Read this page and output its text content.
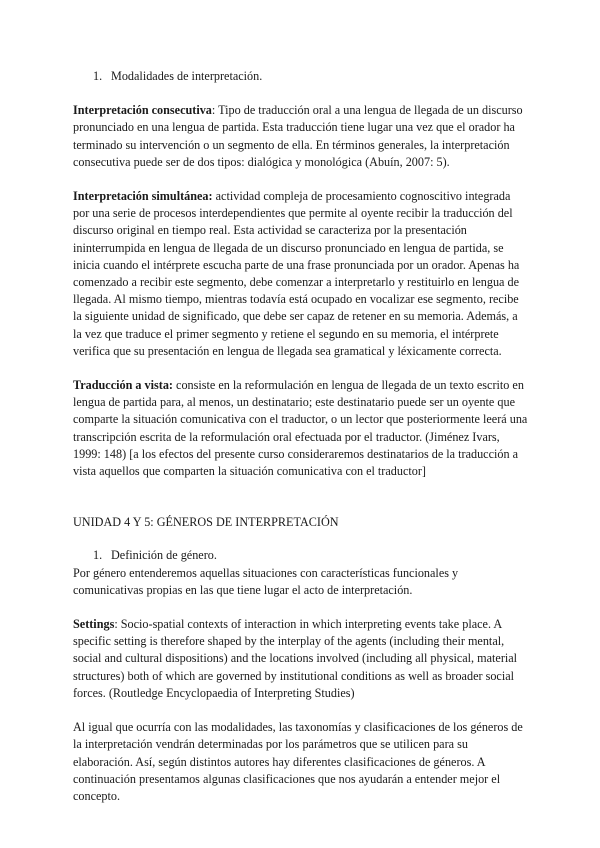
1. Modalidades de interpretación.

Interpretación consecutiva: Tipo de traducción oral a una lengua de llegada de un discurso pronunciado en una lengua de partida. Esta traducción tiene lugar una vez que el orador ha terminado su intervención o un segmento de ella. En términos generales, la interpretación consecutiva puede ser de dos tipos: dialógica y monológica (Abuín, 2007: 5).

Interpretación simultánea: actividad compleja de procesamiento cognoscitivo integrada por una serie de procesos interdependientes que permite al oyente recibir la traducción del discurso original en tiempo real. Esta actividad se caracteriza por la presentación ininterrumpida en lengua de llegada de un discurso pronunciado en lengua de partida, se inicia cuando el intérprete escucha parte de una frase pronunciada por un orador. Apenas ha comenzado a recibir este segmento, debe comenzar a interpretarlo y restituirlo en lengua de llegada. Al mismo tiempo, mientras todavía está ocupado en vocalizar ese segmento, recibe la siguiente unidad de significado, que debe ser capaz de retener en su memoria. Además, a la vez que traduce el primer segmento y retiene el segundo en su memoria, el intérprete verifica que su presentación en lengua de llegada sea gramatical y léxicamente correcta.

Traducción a vista: consiste en la reformulación en lengua de llegada de un texto escrito en lengua de partida para, al menos, un destinatario; este destinatario puede ser un oyente que comparte la situación comunicativa con el traductor, o un lector que posteriormente leerá una transcripción escrita de la reformulación oral efectuada por el traductor. (Jiménez Ivars, 1999: 148) [a los efectos del presente curso consideraremos destinatarios de la traducción a vista aquellos que comparten la situación comunicativa con el traductor]

UNIDAD 4 Y 5: GÉNEROS DE INTERPRETACIÓN
1. Definición de género.

Por género entenderemos aquellas situaciones con características funcionales y comunicativas propias en las que tiene lugar el acto de interpretación.

Settings: Socio-spatial contexts of interaction in which interpreting events take place. A specific setting is therefore shaped by the interplay of the agents (including their mental, social and cultural dispositions) and the locations involved (including all physical, material structures) both of which are governed by institutional conditions as well as broader social forces. (Routledge Encyclopaedia of Interpreting Studies)

Al igual que ocurría con las modalidades, las taxonomías y clasificaciones de los géneros de la interpretación vendrán determinadas por los parámetros que se utilicen para su elaboración. Así, según distintos autores hay diferentes clasificaciones de géneros. A continuación presentamos algunas clasificaciones que nos ayudarán a entender mejor el concepto.
